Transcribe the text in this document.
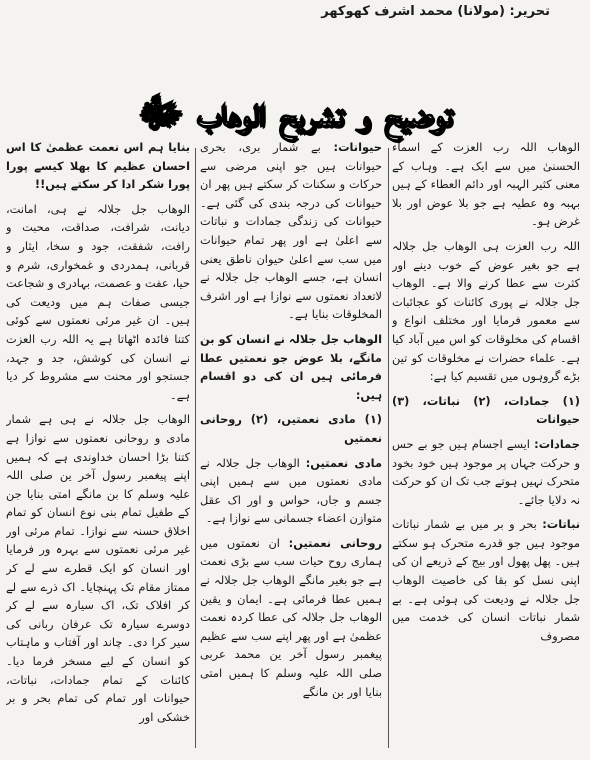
تحریر: (مولانا) محمد اشرف کھوکھر
توضیح و تشریح الوھاب ﷻ

الوھاب اللہ رب العزت کے اسماء الحسنیٰ میں سے ایک ہے۔ وہاب کے معنی کثیر الہبہ اور دائم العطاء کے ہیں بہبہ وہ عطیہ ہے جو بلا عوض اور بلا غرض ہو۔

اللہ رب العزت ہی الوھاب جل جلالہ ہے جو بغیر عوض کے خوب دینے اور کثرت سے عطا کرنے والا ہے۔ الوھاب جل جلالہ نے پوری کائنات کو عجائبات سے معمور فرمایا اور مختلف انواع و اقسام کی مخلوقات کو اس میں آباد کیا ہے۔ علماء حضرات نے مخلوقات کو تین بڑے گروہوں میں تقسیم کیا ہے:

(۱) جمادات، (۲) نباتات، (۳) حیوانات

جمادات: ایسے اجسام ہیں جو بے حس و حرکت جہاں پر موجود ہیں خود بخود متحرک نہیں ہوتے جب تک ان کو حرکت نہ دلایا جائے۔

نباتات: بحر و بر میں بے شمار نباتات موجود ہیں جو قدرے متحرک ہو سکتے ہیں۔ پھل پھول اور بیج کے ذریعے ان کی اپنی نسل کو بقا کی خاصیت الوھاب جل جلالہ نے ودیعت کی ہوئی ہے۔ بے شمار نباتات انسان کی خدمت میں مصروف

حیوانات: بے شمار بری، بحری حیوانات ہیں جو اپنی مرضی سے حرکات و سکنات کر سکتے ہیں پھر ان حیوانات کی درجہ بندی کی گئی ہے۔ حیوانات کی زندگی جمادات و نباتات سے اعلیٰ ہے اور پھر تمام حیوانات میں سب سے اعلیٰ حیوان ناطق یعنی انسان ہے، جسے الوھاب جل جلالہ نے لاتعداد نعمتوں سے نوازا ہے اور اشرف المخلوقات بنایا ہے۔

الوھاب جل جلالہ نے انسان کو بن مانگے، بلا عوض جو نعمتیں عطا فرمائی ہیں ان کی دو اقسام ہیں:

(۱) مادی نعمتیں، (۲) روحانی نعمتیں

مادی نعمتیں: الوھاب جل جلالہ نے مادی نعمتوں میں سے ہمیں اپنی جسم و جاں، حواس و اور اک عقل متوازن اعضاء جسمانی سے نوازا ہے۔

روحانی نعمتیں: ان نعمتوں میں ہماری روح حیات سب سے بڑی نعمت ہے جو بغیر مانگے الوھاب جل جلالہ نے ہمیں عطا فرمائی ہے۔ ایمان و یقین الوھاب جل جلالہ کی عطا کردہ نعمت عظمیٰ ہے اور پھر اپنے سب سے عظیم پیغمبر رسول آخر ین محمد عربی صلی اللہ علیہ وسلم کا ہمیں امتی بنایا اور بن مانگے

بنایا ہم اس نعمت عظمیٰ کا اس احسان عظیم کا بھلا کیسے پورا پورا شکر ادا کر سکتے ہیں!!

الوھاب جل جلالہ نے ہی، امانت، دیانت، شرافت، صداقت، محبت و رافت، شفقت، جود و سخا، ایثار و قربانی، ہمدردی و غمخواری، شرم و حیا، عفت و عصمت، بہادری و شجاعت جیسی صفات ہم میں ودیعت کی ہیں۔ ان غیر مرئی نعمتوں سے کوئی کتنا فائدہ اٹھاتا ہے یہ اللہ رب العزت نے انسان کی کوشش، جد و جہد، جستجو اور محنت سے مشروط کر دیا ہے۔

الوھاب جل جلالہ نے ہی ہے شمار مادی و روحانی نعمتوں سے نوازا ہے کتنا بڑا احسان خداوندی ہے کہ ہمیں اپنے پیغمبر رسول آخر ین صلی اللہ علیہ وسلم کا بن مانگے امتی بنایا جن کے طفیل تمام بنی نوع انسان کو تمام اخلاق حسنہ سے نوازا۔ تمام مرئی اور غیر مرئی نعمتوں سے بہرہ ور فرمایا اور انسان کو ایک قطرے سے لے کر ممتاز مقام تک پہنچایا۔ اک ذرے سے لے کر افلاک تک، اک سیارہ سے لے کر دوسرے سیارہ تک عرفان ربانی کی سیر کرا دی۔ چاند اور آفتاب و ماہتاب کو انسان کے لیے مسخر فرما دیا۔ کائنات کے تمام جمادات، نباتات، حیوانات اور تمام کی تمام بحر و بر خشکی اور
